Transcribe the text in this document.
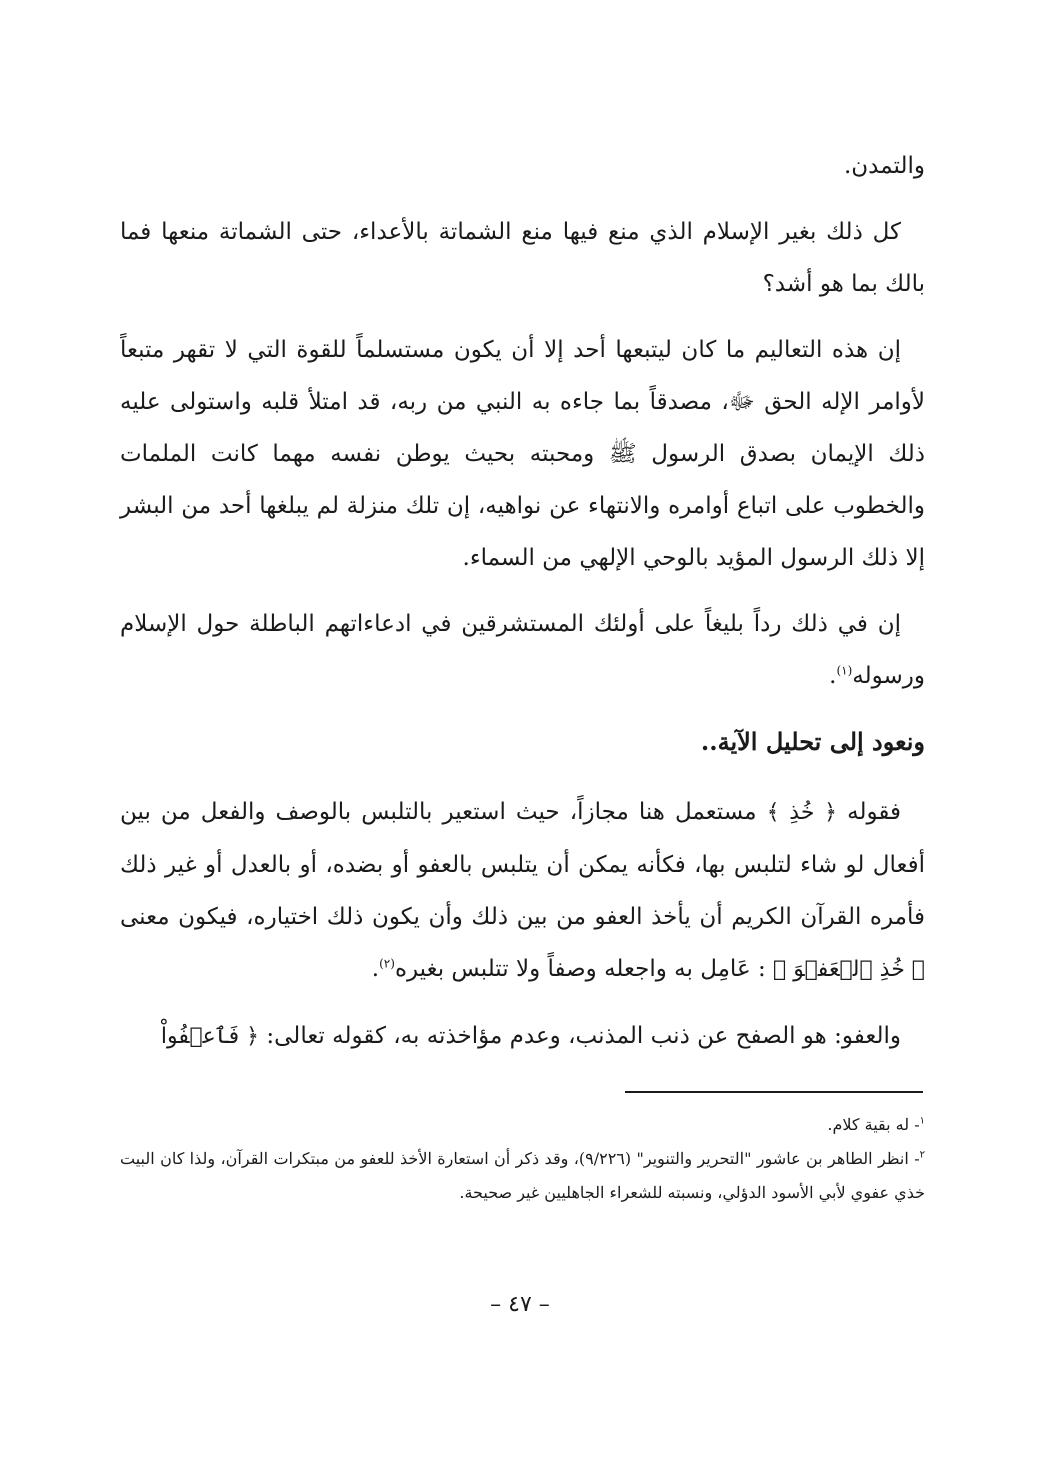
والتمدن.

كل ذلك بغير الإسلام الذي منع فيها منع الشماتة بالأعداء، حتى الشماتة منعها فما بالك بما هو أشد؟

إن هذه التعاليم ما كان ليتبعها أحد إلا أن يكون مستسلماً للقوة التي لا تقهر متبعاً لأوامر الإله الحق ﷻ، مصدقاً بما جاءه به النبي من ربه، قد امتلأ قلبه واستولى عليه ذلك الإيمان بصدق الرسول ﷺ ومحبته بحيث يوطن نفسه مهما كانت الملمات والخطوب على اتباع أوامره والانتهاء عن نواهيه، إن تلك منزلة لم يبلغها أحد من البشر إلا ذلك الرسول المؤيد بالوحي الإلهي من السماء.

إن في ذلك رداً بليغاً على أولئك المستشرقين في ادعاءاتهم الباطلة حول الإسلام ورسوله$^{(١)}$.

ونعود إلى تحليل الآية..

فقوله ﴿ خُذِ ﴾ مستعمل هنا مجازاً، حيث استعير بالتلبس بالوصف والفعل من بين أفعال لو شاء لتلبس بها، فكأنه يمكن أن يتلبس بالعفو أو بضده، أو بالعدل أو غير ذلك فأمره القرآن الكريم أن يأخذ العفو من بين ذلك وأن يكون ذلك اختياره، فيكون معنى ﴿ خُذِ ٱلۡعَفۡوَ ﴾ : عَامِل به واجعله وصفاً ولا تتلبس بغيره$^{(٢)}$.

والعفو: هو الصفح عن ذنب المذنب، وعدم مؤاخذته به، كقوله تعالى: ﴿ فَٱعۡفُواْ

$^١$- له بقية كلام.

$^٢$- انظر الطاهر بن عاشور "التحرير والتنوير" (٩/٢٢٦)، وقد ذكر أن استعارة الأخذ للعفو من مبتكرات القرآن، ولذا كان البيت خذي عفوي لأبي الأسود الدؤلي، ونسبته للشعراء الجاهليين غير صحيحة.

– ٤٧ –
